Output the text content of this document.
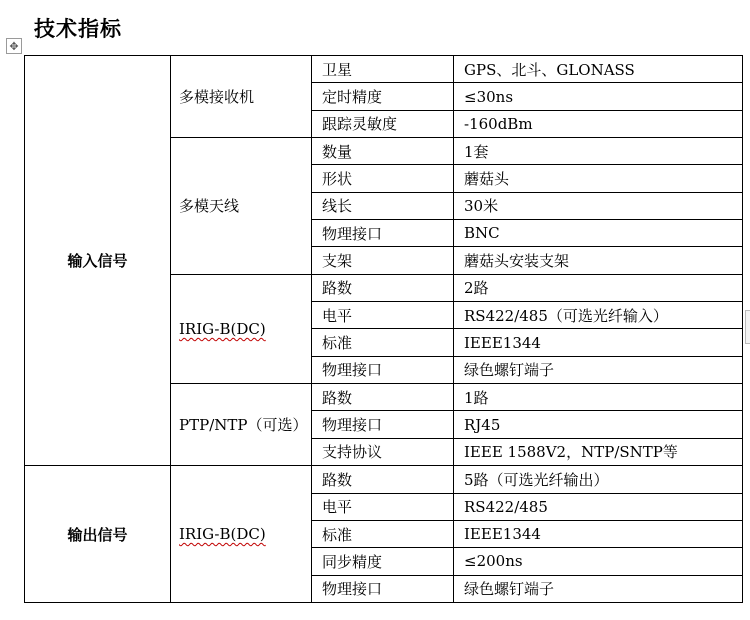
技术指标
✥
输入信号	多模接收机	卫星	GPS、北斗、GLONASS
		定时精度	≤30ns
		跟踪灵敏度	-160dBm
	多模天线	数量	1套
		形状	蘑菇头
		线长	30米
		物理接口	BNC
		支架	蘑菇头安装支架
	IRIG-B(DC)	路数	2路
		电平	RS422/485（可选光纤输入）
		标准	IEEE1344
		物理接口	绿色螺钉端子
	PTP/NTP（可选）	路数	1路
		物理接口	RJ45
		支持协议	IEEE 1588V2，NTP/SNTP等
输出信号	IRIG-B(DC)	路数	5路（可选光纤输出）
		电平	RS422/485
		标准	IEEE1344
		同步精度	≤200ns
		物理接口	绿色螺钉端子
